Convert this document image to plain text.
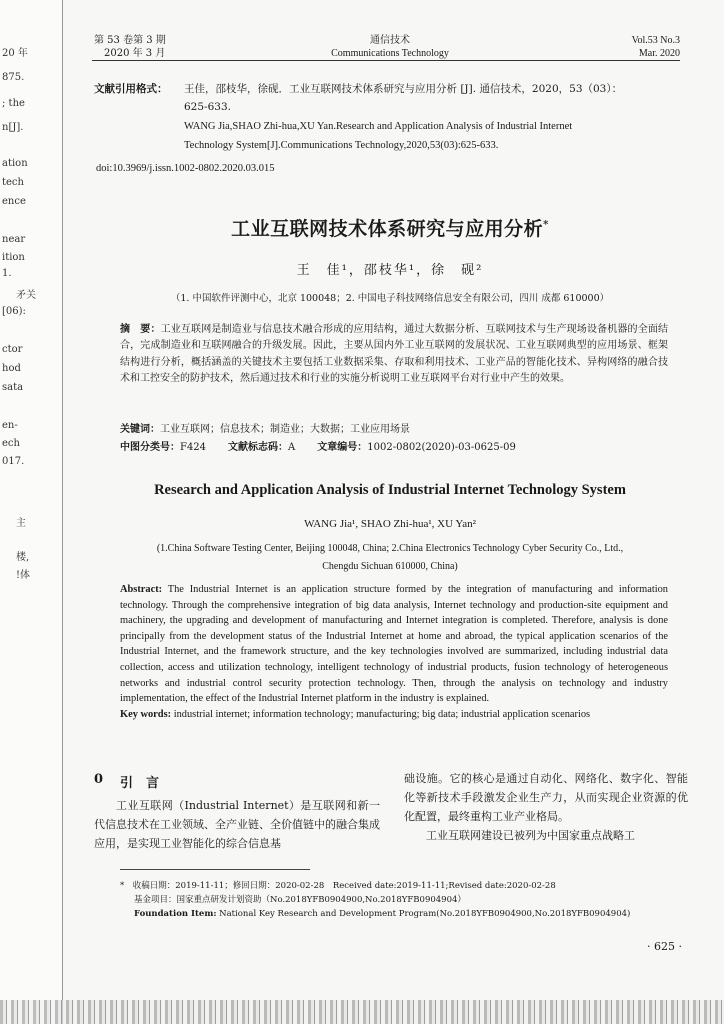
20 年
875.
; the
n[J].
ation
tech
ence
near
ition
1.
矛关
[06):
ctor
hod
sata
en-
ech
017.
主
楼,
!体
第 53 卷第 3 期
2020 年 3 月
通信技术
Communications Technology
Vol.53 No.3
Mar. 2020
文献引用格式： 王佳，邵枝华，徐砚．工业互联网技术体系研究与应用分析 [J]. 通信技术，2020，53（03）：
625-633.
WANG Jia,SHAO Zhi-hua,XU Yan.Research and Application Analysis of Industrial Internet
Technology System[J].Communications Technology,2020,53(03):625-633.
doi:10.3969/j.issn.1002-0802.2020.03.015
工业互联网技术体系研究与应用分析*
王　佳¹，邵枝华¹，徐　砚²
（1. 中国软件评测中心，北京 100048；2. 中国电子科技网络信息安全有限公司，四川 成都 610000）
摘　要：工业互联网是制造业与信息技术融合形成的应用结构，通过大数据分析、互联网技术与生产现场设备机器的全面结合，完成制造业和互联网融合的升级发展。因此，主要从国内外工业互联网的发展状况、工业互联网典型的应用场景、框架结构进行分析，概括涵盖的关键技术主要包括工业数据采集、存取和利用技术、工业产品的智能化技术、异构网络的融合技术和工控安全的防护技术，然后通过技术和行业的实施分析说明工业互联网平台对行业中产生的效果。
关键词：工业互联网；信息技术；制造业；大数据；工业应用场景
中图分类号：F424 文献标志码：A 文章编号：1002-0802(2020)-03-0625-09
Research and Application Analysis of Industrial Internet Technology System
WANG Jia¹, SHAO Zhi-hua¹, XU Yan²
(1.China Software Testing Center, Beijing 100048, China; 2.China Electronics Technology Cyber Security Co., Ltd.,
Chengdu Sichuan 610000, China)
Abstract: The Industrial Internet is an application structure formed by the integration of manufacturing and information technology. Through the comprehensive integration of big data analysis, Internet technology and production-site equipment and machinery, the upgrading and development of manufacturing and Internet integration is completed. Therefore, analysis is done principally from the development status of the Industrial Internet at home and abroad, the typical application scenarios of the Industrial Internet, and the framework structure, and the key technologies involved are summarized, including industrial data collection, access and utilization technology, intelligent technology of industrial products, fusion technology of heterogeneous networks and industrial control security protection technology. Then, through the analysis on technology and industry implementation, the effect of the Industrial Internet platform in the industry is explained.
Key words: industrial internet; information technology; manufacturing; big data; industrial application scenarios
0 引　言
工业互联网（Industrial Internet）是互联网和新一代信息技术在工业领域、全产业链、全价值链中的融合集成应用，是实现工业智能化的综合信息基
础设施。它的核心是通过自动化、网络化、数字化、智能化等新技术手段激发企业生产力，从而实现企业资源的优化配置，最终重构工业产业格局。
工业互联网建设已被列为中国家重点战略工
*　 收稿日期：2019-11-11；修回日期：2020-02-28　 Received date:2019-11-11;Revised date:2020-02-28
基金项目：国家重点研发计划资助（No.2018YFB0904900,No.2018YFB0904904）
Foundation Item: National Key Research and Development Program(No.2018YFB0904900,No.2018YFB0904904)
· 625 ·
